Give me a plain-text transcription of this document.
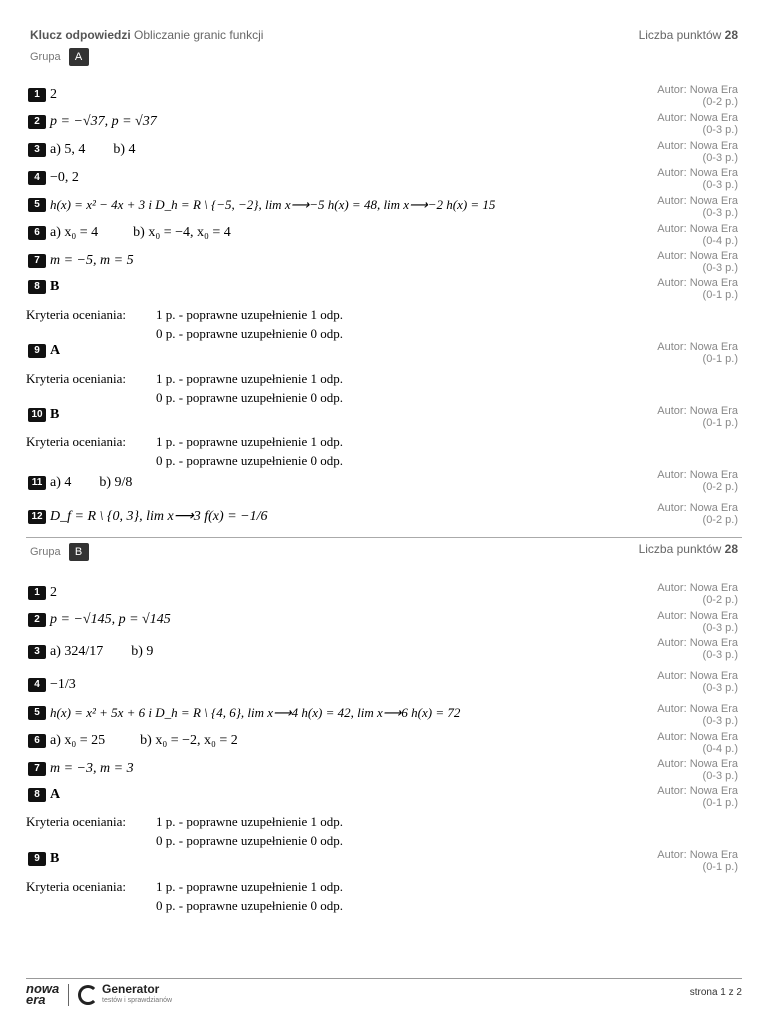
Klucz odpowiedzi Obliczanie granic funkcji	Liczba punktów 28
Grupa A
1 2	Autor: Nowa Era
(0-2 p.)
2 p = −√37, p = √37	Autor: Nowa Era
(0-3 p.)
3 a) 5, 4        b) 4	Autor: Nowa Era
(0-3 p.)
4 −0, 2	Autor: Nowa Era
(0-3 p.)
5 h(x) = x² − 4x + 3 i D_h = R \ {−5, −2}, lim x⟶−5 h(x) = 48, lim x⟶−2 h(x) = 15	Autor: Nowa Era
(0-3 p.)
6 a) x₀ = 4          b) x₀ = −4, x₀ = 4	Autor: Nowa Era
(0-4 p.)
7 m = −5, m = 5	Autor: Nowa Era
(0-3 p.)
8 B	Autor: Nowa Era
(0-1 p.)
Kryteria oceniania: 1 p. - poprawne uzupełnienie 1 odp.
0 p. - poprawne uzupełnienie 0 odp.
9 A	Autor: Nowa Era
(0-1 p.)
Kryteria oceniania: 1 p. - poprawne uzupełnienie 1 odp.
0 p. - poprawne uzupełnienie 0 odp.
10 B	Autor: Nowa Era
(0-1 p.)
Kryteria oceniania: 1 p. - poprawne uzupełnienie 1 odp.
0 p. - poprawne uzupełnienie 0 odp.
11 a) 4        b) 9/8	Autor: Nowa Era
(0-2 p.)
12 D_f = R \ {0, 3}, lim x⟶3 f(x) = −1/6
Autor: Nowa Era
(0-2 p.)
Grupa B	Liczba punktów 28
1 2	Autor: Nowa Era
(0-2 p.)
2 p = −√145, p = √145	Autor: Nowa Era
(0-3 p.)
3 a) 324/17        b) 9
Autor: Nowa Era
(0-3 p.)
4 −1/3
Autor: Nowa Era
(0-3 p.)
5 h(x) = x² + 5x + 6 i D_h = R \ {4, 6}, lim x⟶4 h(x) = 42, lim x⟶6 h(x) = 72	Autor: Nowa Era
(0-3 p.)
6 a) x₀ = 25          b) x₀ = −2, x₀ = 2	Autor: Nowa Era
(0-4 p.)
7 m = −3, m = 3	Autor: Nowa Era
(0-3 p.)
8 A	Autor: Nowa Era
(0-1 p.)
Kryteria oceniania: 1 p. - poprawne uzupełnienie 1 odp.
0 p. - poprawne uzupełnienie 0 odp.
9 B	Autor: Nowa Era
(0-1 p.)
Kryteria oceniania: 1 p. - poprawne uzupełnienie 1 odp.
0 p. - poprawne uzupełnienie 0 odp.
nowa
era
Generator
testów i sprawdzianów
strona 1 z 2
